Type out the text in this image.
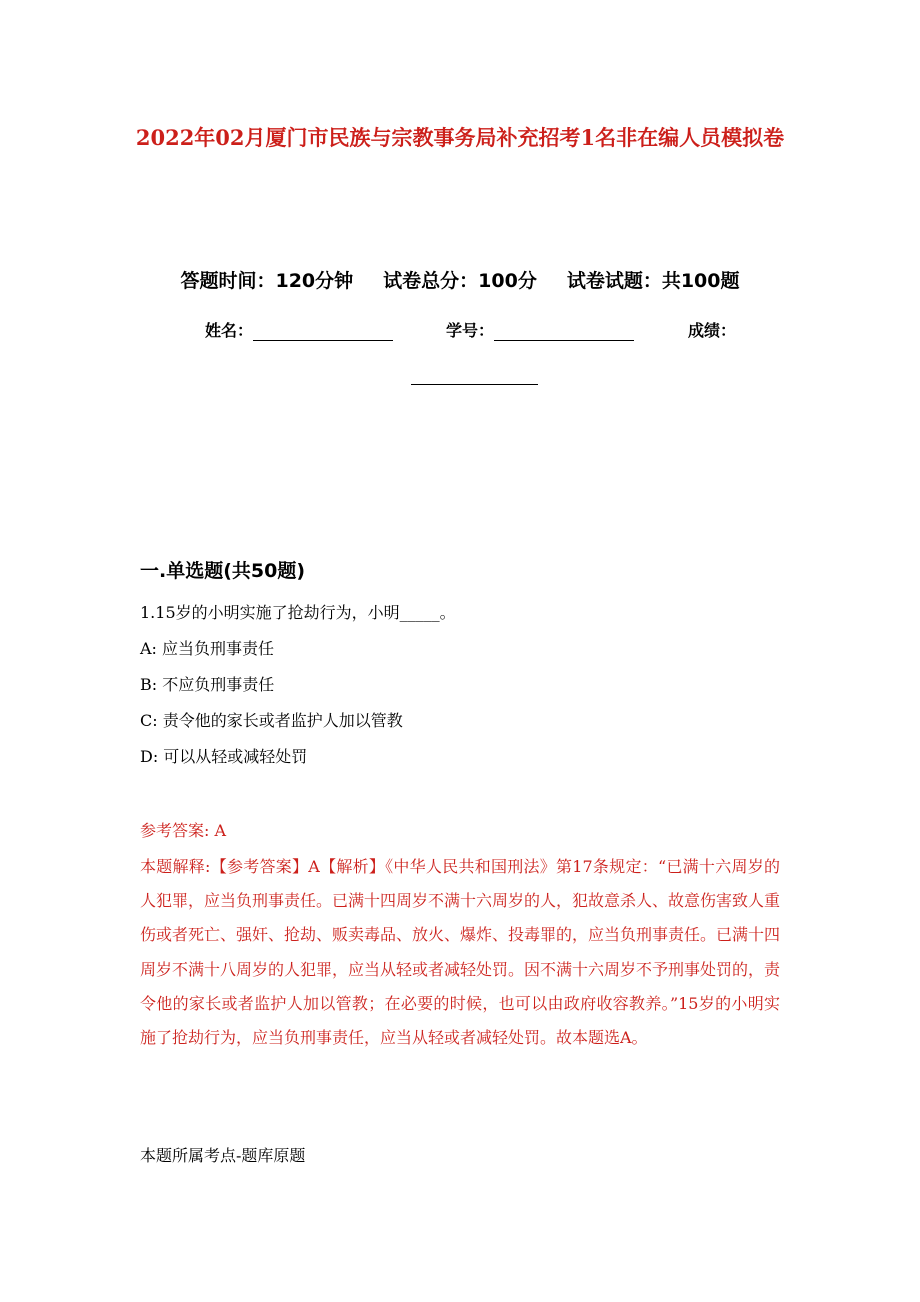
2022年02月厦门市民族与宗教事务局补充招考1名非在编人员模拟卷
答题时间：120分钟 试卷总分：100分 试卷试题：共100题
姓名：	学号：	成绩：
一.单选题(共50题)
1.15岁的小明实施了抢劫行为，小明_____。
A: 应当负刑事责任
B: 不应负刑事责任
C: 责令他的家长或者监护人加以管教
D: 可以从轻或减轻处罚
参考答案: A
本题解释:【参考答案】A【解析】《中华人民共和国刑法》第17条规定：“已满十六周岁的人犯罪，应当负刑事责任。已满十四周岁不满十六周岁的人，犯故意杀人、故意伤害致人重伤或者死亡、强奸、抢劫、贩卖毒品、放火、爆炸、投毒罪的，应当负刑事责任。已满十四周岁不满十八周岁的人犯罪，应当从轻或者减轻处罚。因不满十六周岁不予刑事处罚的，责令他的家长或者监护人加以管教；在必要的时候，也可以由政府收容教养。”15岁的小明实施了抢劫行为，应当负刑事责任，应当从轻或者减轻处罚。故本题选A。
本题所属考点-题库原题
